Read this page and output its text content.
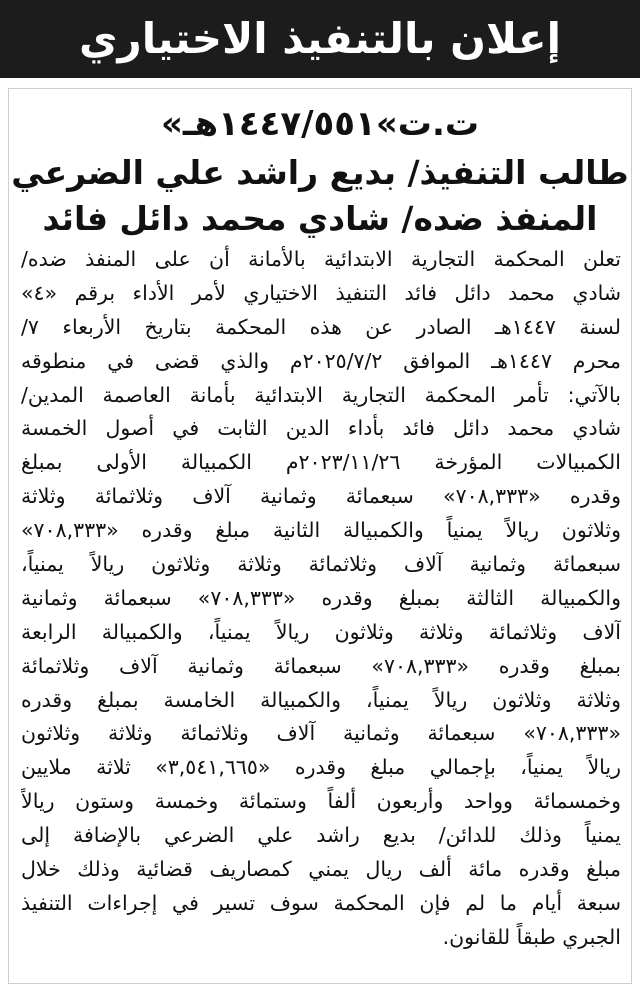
إعلان بالتنفيذ الاختياري
ت.ت»١٤٤٧/٥٥١هـ»
طالب التنفيذ/ بديع راشد علي الضرعي
المنفذ ضده/ شادي محمد دائل فائد
تعلن المحكمة التجارية الابتدائية بالأمانة أن على المنفذ ضده/
شادي محمد دائل فائد التنفيذ الاختياري لأمر الأداء برقم «٤»
لسنة ١٤٤٧هـ الصادر عن هذه المحكمة بتاريخ الأربعاء ٧/
محرم ١٤٤٧هـ الموافق ٢٠٢٥/٧/٢م والذي قضى في منطوقه
بالآتي: تأمر المحكمة التجارية الابتدائية بأمانة العاصمة المدين/
شادي محمد دائل فائد بأداء الدين الثابت في أصول الخمسة
الكمبيالات المؤرخة ٢٠٢٣/١١/٢٦م الكمبيالة الأولى بمبلغ
وقدره «٧٠٨,٣٣٣» سبعمائة وثمانية آلاف وثلاثمائة وثلاثة
وثلاثون ريالاً يمنياً والكمبيالة الثانية مبلغ وقدره «٧٠٨,٣٣٣»
سبعمائة وثمانية آلاف وثلاثمائة وثلاثة وثلاثون ريالاً يمنياً،
والكمبيالة الثالثة بمبلغ وقدره «٧٠٨,٣٣٣» سبعمائة وثمانية
آلاف وثلاثمائة وثلاثة وثلاثون ريالاً يمنياً، والكمبيالة الرابعة
بمبلغ وقدره «٧٠٨,٣٣٣» سبعمائة وثمانية آلاف وثلاثمائة
وثلاثة وثلاثون ريالاً يمنياً، والكمبيالة الخامسة بمبلغ وقدره
«٧٠٨,٣٣٣» سبعمائة وثمانية آلاف وثلاثمائة وثلاثة وثلاثون
ريالاً يمنياً، بإجمالي مبلغ وقدره «٣,٥٤١,٦٦٥» ثلاثة ملايين
وخمسمائة وواحد وأربعون ألفاً وستمائة وخمسة وستون ريالاً
يمنياً وذلك للدائن/ بديع راشد علي الضرعي بالإضافة إلى
مبلغ وقدره مائة ألف ريال يمني كمصاريف قضائية وذلك خلال
سبعة أيام ما لم فإن المحكمة سوف تسير في إجراءات التنفيذ
الجبري طبقاً للقانون.
